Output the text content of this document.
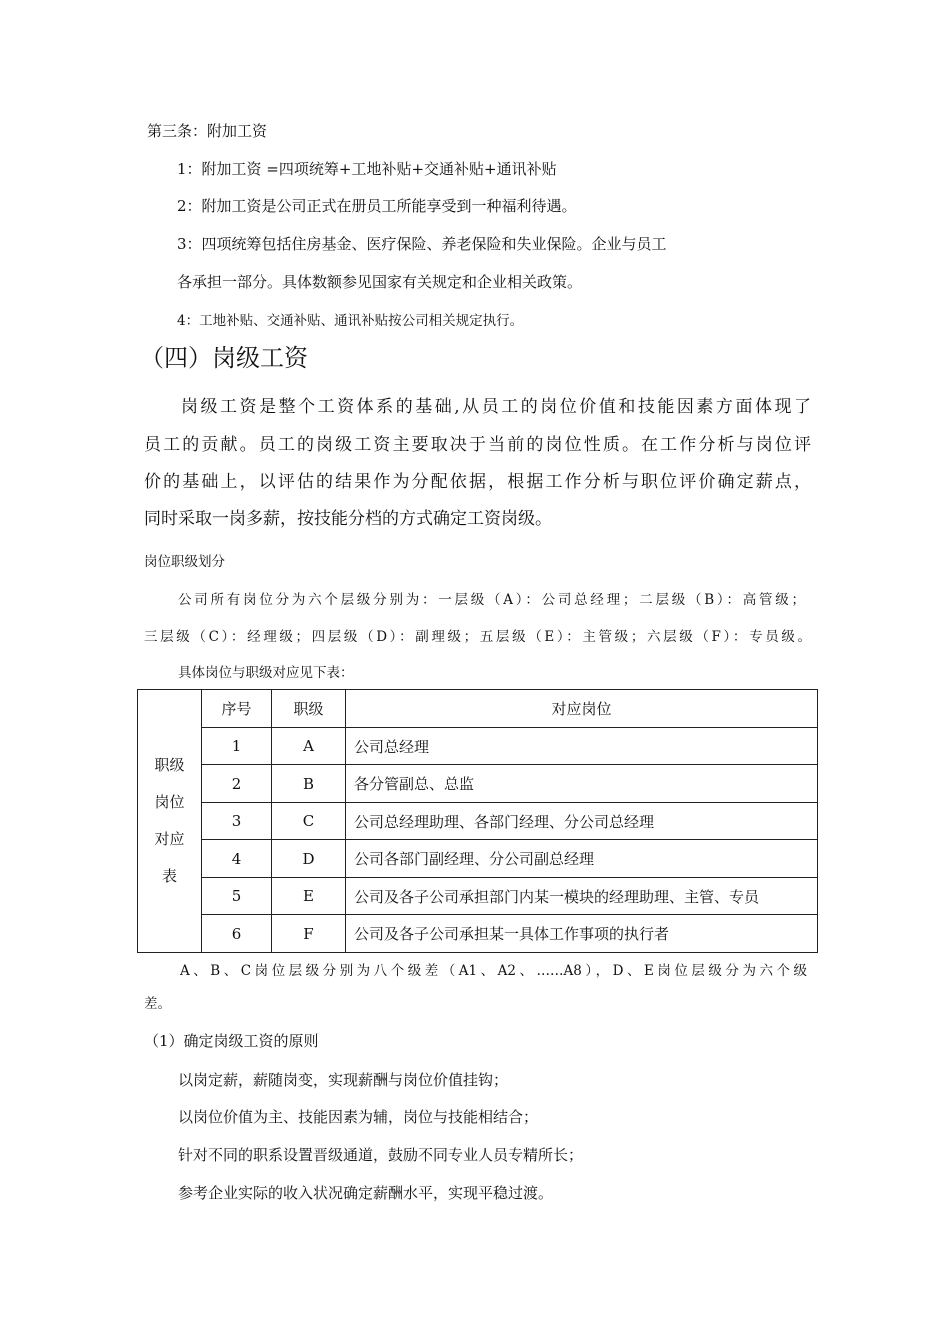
第三条：附加工资
1：附加工资 =四项统筹+工地补贴+交通补贴+通讯补贴
2：附加工资是公司正式在册员工所能享受到一种福利待遇。
3：四项统筹包括住房基金、医疗保险、养老保险和失业保险。企业与员工
各承担一部分。具体数额参见国家有关规定和企业相关政策。
4：工地补贴、交通补贴、通讯补贴按公司相关规定执行。
（四）岗级工资
岗级工资是整个工资体系的基础,从员工的岗位价值和技能因素方面体现了
员工的贡献。员工的岗级工资主要取决于当前的岗位性质。在工作分析与岗位评
价的基础上，以评估的结果作为分配依据，根据工作分析与职位评价确定薪点，
同时采取一岗多薪，按技能分档的方式确定工资岗级。
岗位职级划分
公司所有岗位分为六个层级分别为：一层级（A）：公司总经理；二层级（B）：高管级；
三层级（C）：经理级；四层级（D）：副理级；五层级（E）：主管级；六层级（F）：专员级。
具体岗位与职级对应见下表：
职级
岗位
对应
表	序号	职级	对应岗位
	1	A	公司总经理
	2	B	各分管副总、总监
	3	C	公司总经理助理、各部门经理、分公司总经理
	4	D	公司各部门副经理、分公司副总经理
	5	E	公司及各子公司承担部门内某一模块的经理助理、主管、专员
	6	F	公司及各子公司承担某一具体工作事项的执行者
A、B、C岗位层级分别为八个级差（A1、A2、……A8），D、E岗位层级分为六个级
差。
（1）确定岗级工资的原则
以岗定薪，薪随岗变，实现薪酬与岗位价值挂钩；
以岗位价值为主、技能因素为辅，岗位与技能相结合；
针对不同的职系设置晋级通道，鼓励不同专业人员专精所长；
参考企业实际的收入状况确定薪酬水平，实现平稳过渡。
